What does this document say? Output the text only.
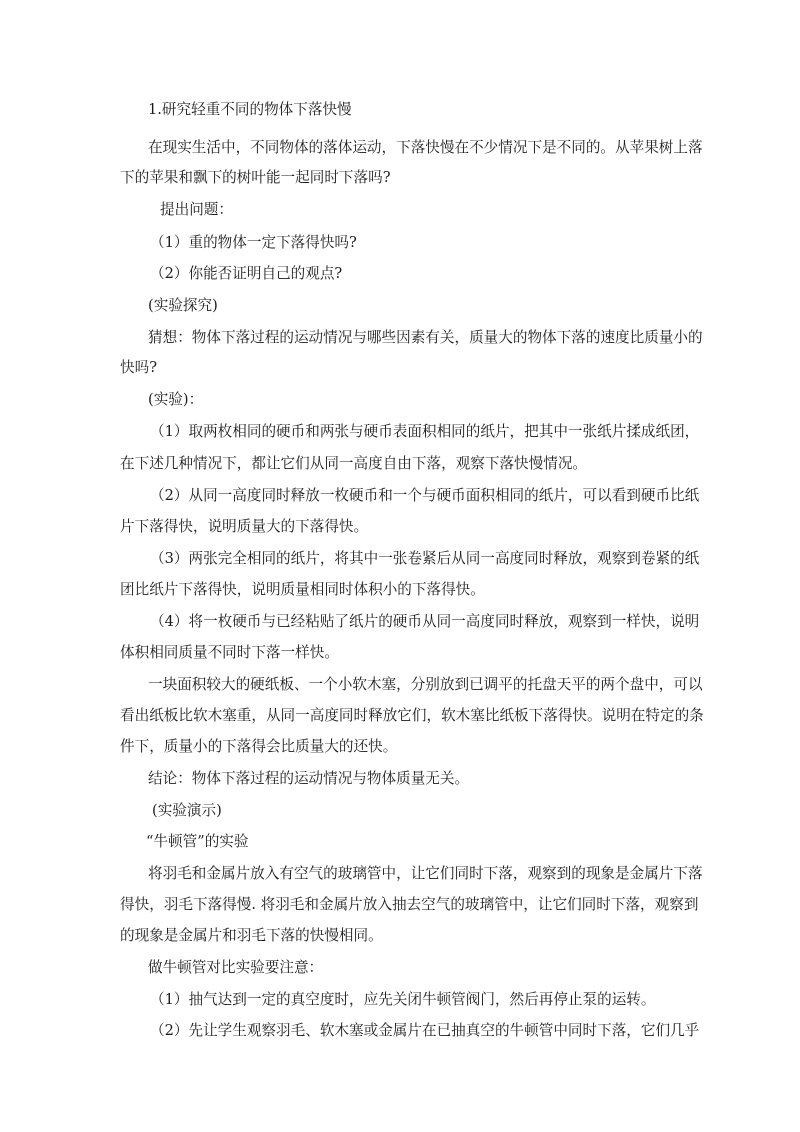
1.研究轻重不同的物体下落快慢
在现实生活中，不同物体的落体运动，下落快慢在不少情况下是不同的。从苹果树上落
下的苹果和飘下的树叶能一起同时下落吗?
提出问题：
（1）重的物体一定下落得快吗?
（2）你能否证明自己的观点?
(实验探究)
猜想：物体下落过程的运动情况与哪些因素有关，质量大的物体下落的速度比质量小的
快吗?
(实验)：
（1）取两枚相同的硬币和两张与硬币表面积相同的纸片，把其中一张纸片揉成纸团，
在下述几种情况下，都让它们从同一高度自由下落，观察下落快慢情况。
（2）从同一高度同时释放一枚硬币和一个与硬币面积相同的纸片，可以看到硬币比纸
片下落得快，说明质量大的下落得快。
（3）两张完全相同的纸片，将其中一张卷紧后从同一高度同时释放，观察到卷紧的纸
团比纸片下落得快，说明质量相同时体积小的下落得快。
（4）将一枚硬币与已经粘贴了纸片的硬币从同一高度同时释放，观察到一样快，说明
体积相同质量不同时下落一样快。
一块面积较大的硬纸板、一个小软木塞，分别放到已调平的托盘天平的两个盘中，可以
看出纸板比软木塞重，从同一高度同时释放它们，软木塞比纸板下落得快。说明在特定的条
件下，质量小的下落得会比质量大的还快。
结论：物体下落过程的运动情况与物体质量无关。
(实验演示)
“牛顿管”的实验
将羽毛和金属片放入有空气的玻璃管中，让它们同时下落，观察到的现象是金属片下落
得快，羽毛下落得慢. 将羽毛和金属片放入抽去空气的玻璃管中，让它们同时下落，观察到
的现象是金属片和羽毛下落的快慢相同。
做牛顿管对比实验要注意：
（1）抽气达到一定的真空度时，应先关闭牛顿管阀门，然后再停止泵的运转。
（2）先让学生观察羽毛、软木塞或金属片在已抽真空的牛顿管中同时下落，它们几乎
